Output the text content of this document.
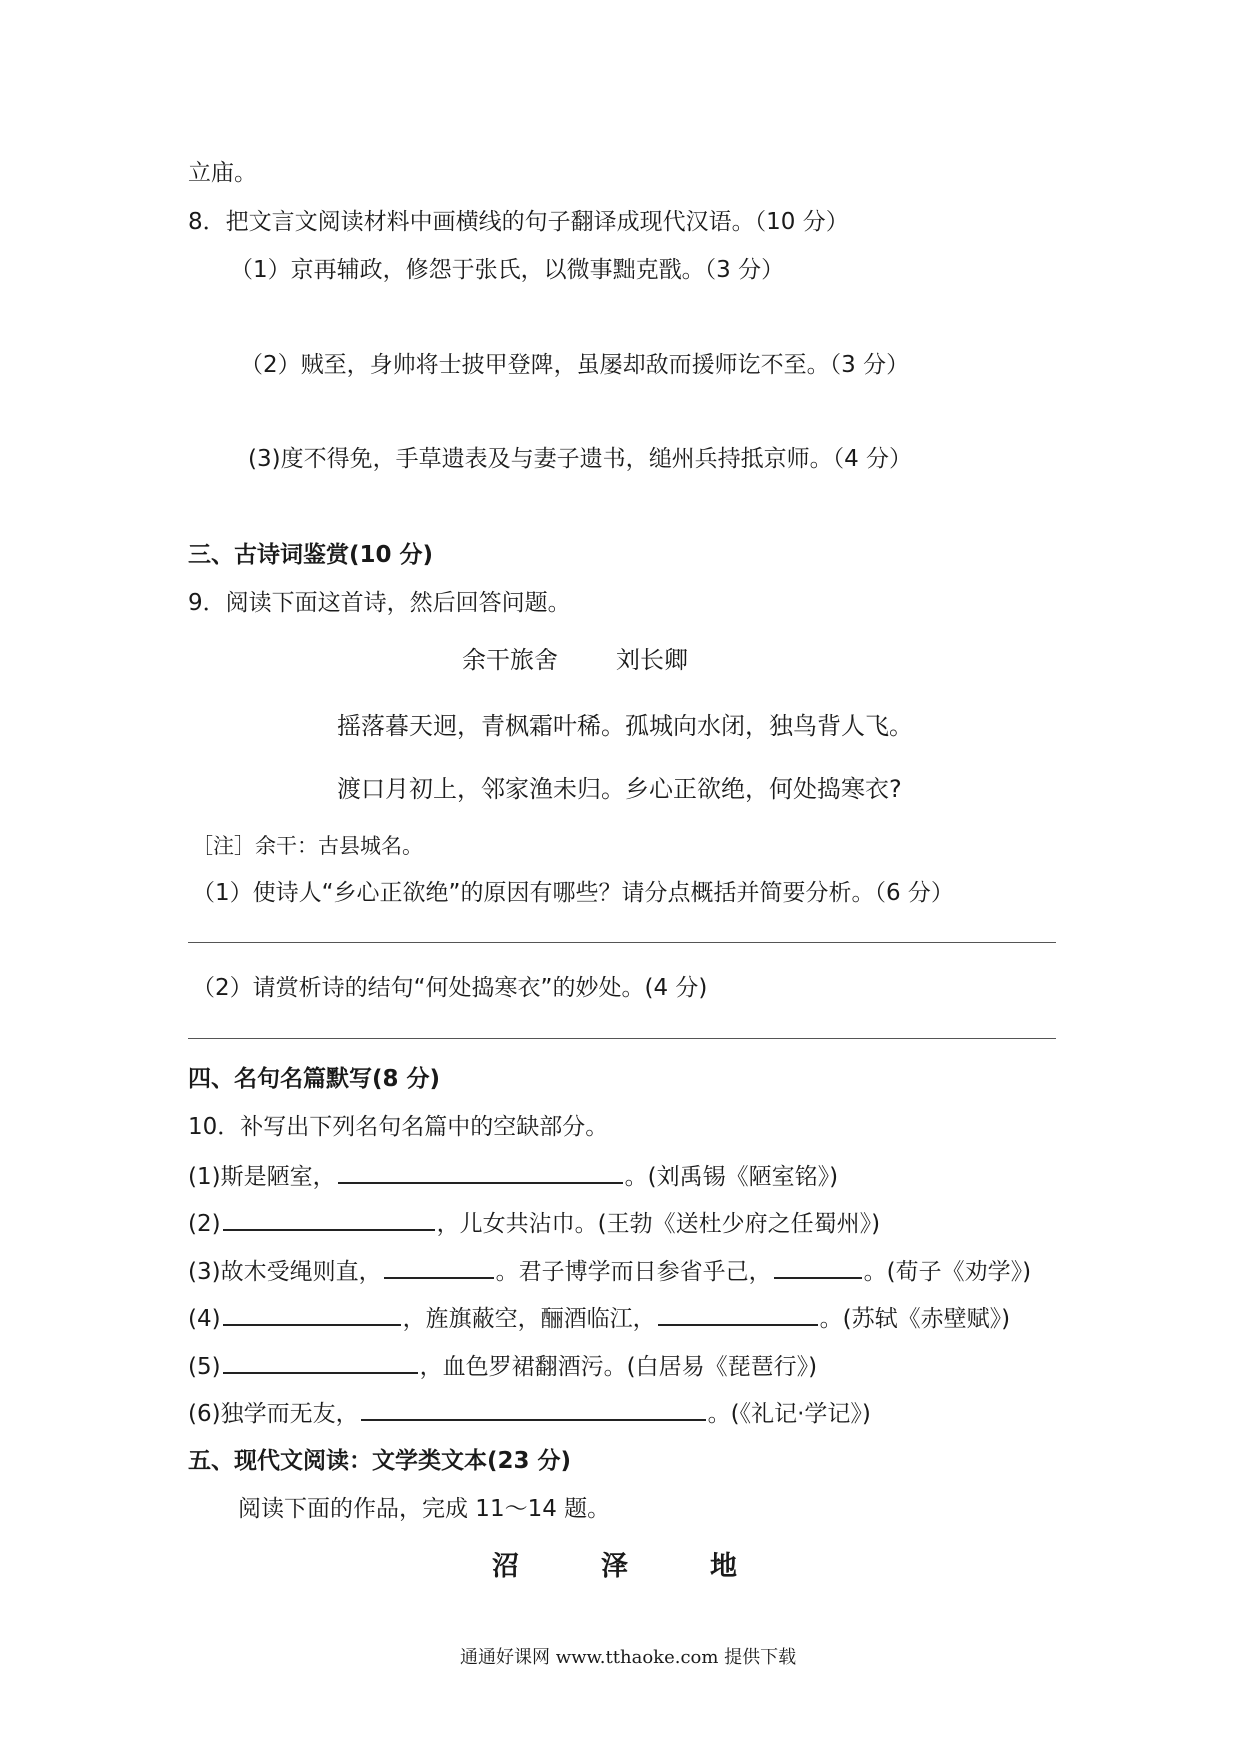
立庙。
8．把文言文阅读材料中画横线的句子翻译成现代汉语。（10 分）
（1）京再辅政，修怨于张氏，以微事黜克戬。（3 分）
（2）贼至，身帅将士披甲登陴，虽屡却敌而援师讫不至。（3 分）
(3)度不得免，手草遗表及与妻子遗书，缒州兵持抵京师。（4 分）
三、古诗词鉴赏(10 分)
9．阅读下面这首诗，然后回答问题。
余干旅舍 刘长卿
摇落暮天迥，青枫霜叶稀。孤城向水闭，独鸟背人飞。
渡口月初上，邻家渔未归。乡心正欲绝，何处捣寒衣?
［注］余干：古县城名。
（1）使诗人“乡心正欲绝”的原因有哪些？请分点概括并简要分析。（6 分）
（2）请赏析诗的结句“何处捣寒衣”的妙处。(4 分)
四、名句名篇默写(8 分)
10．补写出下列名句名篇中的空缺部分。
(1)斯是陋室，	。(刘禹锡《陋室铭》)
(2)	，儿女共沾巾。(王勃《送杜少府之任蜀州》)
(3)故木受绳则直，	。君子博学而日参省乎己，	。(荀子《劝学》)
(4)	，旌旗蔽空，酾酒临江，	。(苏轼《赤壁赋》)
(5)	，血色罗裙翻酒污。(白居易《琵琶行》)
(6)独学而无友，	。(《礼记·学记》)
五、现代文阅读：文学类文本(23 分)
阅读下面的作品，完成 11～14 题。
沼	泽	地
通通好课网 www.tthaoke.com 提供下载
